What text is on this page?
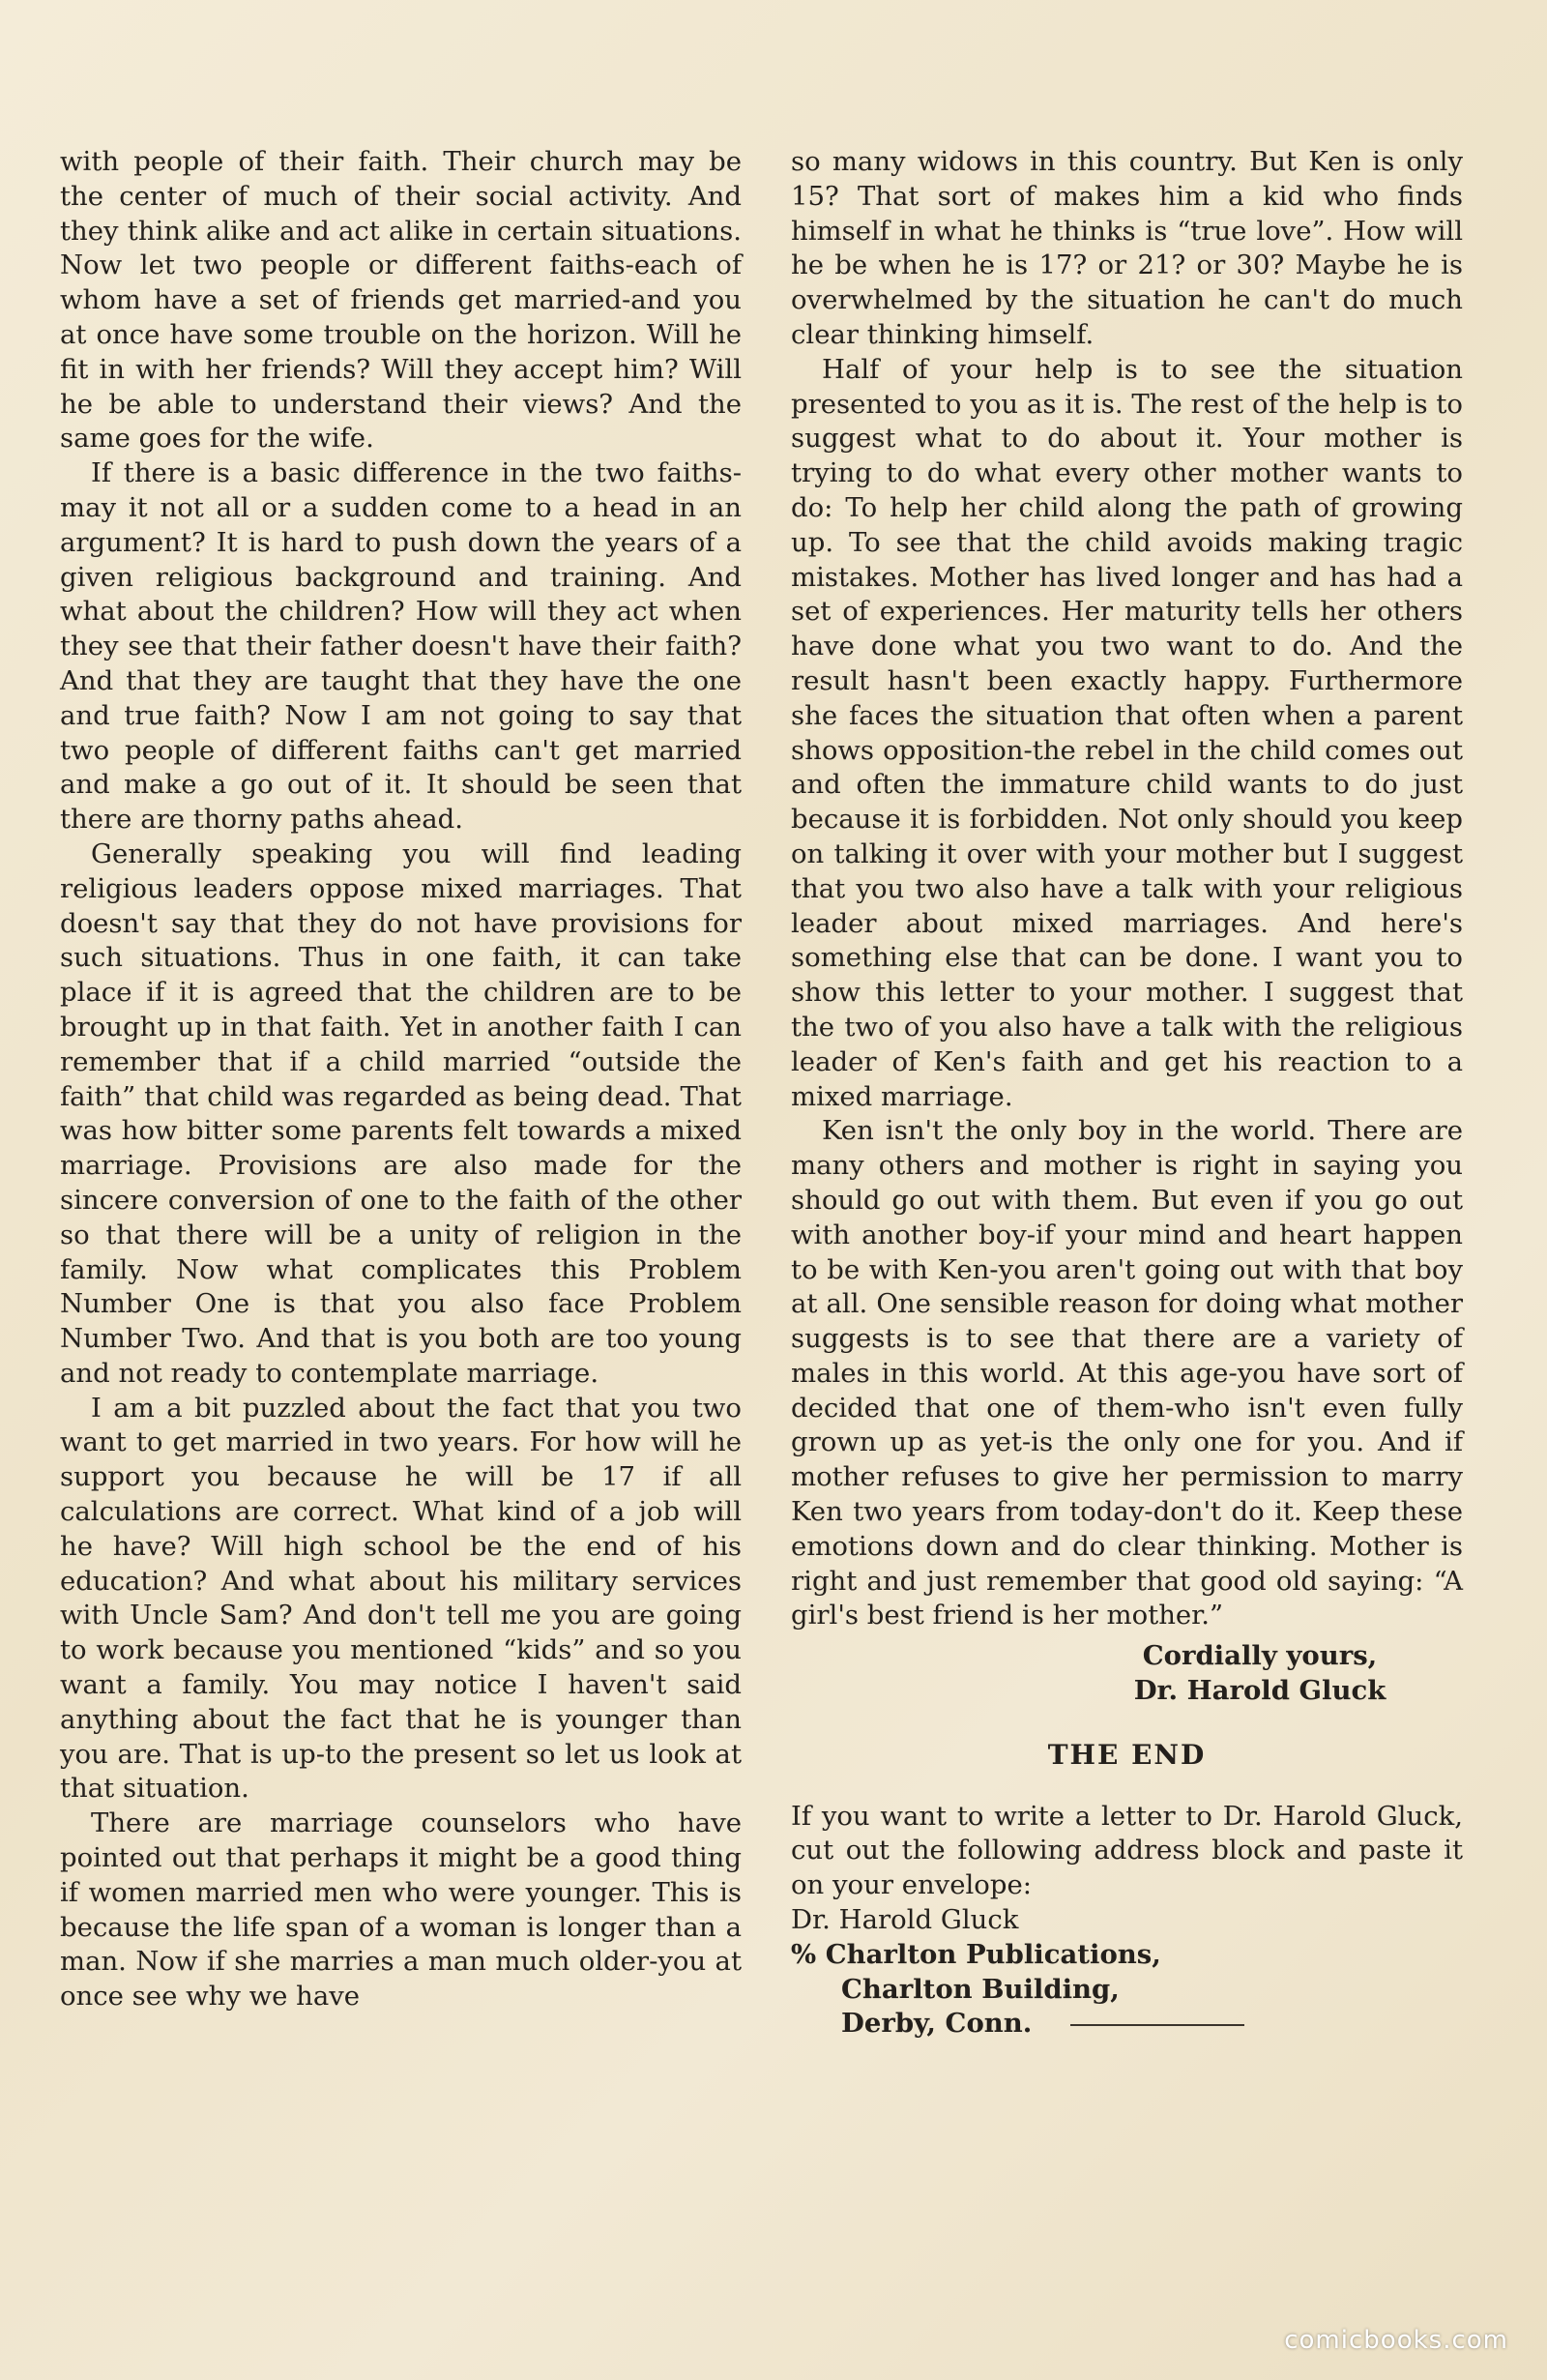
with people of their faith. Their church may be the center of much of their social activity. And they think alike and act alike in certain situations. Now let two people or different faiths-each of whom have a set of friends get married-and you at once have some trouble on the horizon. Will he fit in with her friends? Will they accept him? Will he be able to understand their views? And the same goes for the wife.

If there is a basic difference in the two faiths-may it not all or a sudden come to a head in an argument? It is hard to push down the years of a given religious background and training. And what about the children? How will they act when they see that their father doesn't have their faith? And that they are taught that they have the one and true faith? Now I am not going to say that two people of different faiths can't get married and make a go out of it. It should be seen that there are thorny paths ahead.

Generally speaking you will find leading religious leaders oppose mixed marriages. That doesn't say that they do not have provisions for such situations. Thus in one faith, it can take place if it is agreed that the children are to be brought up in that faith. Yet in another faith I can remember that if a child married “outside the faith” that child was regarded as being dead. That was how bitter some parents felt towards a mixed marriage. Provisions are also made for the sincere conversion of one to the faith of the other so that there will be a unity of religion in the family. Now what complicates this Problem Number One is that you also face Problem Number Two. And that is you both are too young and not ready to contemplate marriage.

I am a bit puzzled about the fact that you two want to get married in two years. For how will he support you because he will be 17 if all calculations are correct. What kind of a job will he have? Will high school be the end of his education? And what about his military services with Uncle Sam? And don't tell me you are going to work because you mentioned “kids” and so you want a family. You may notice I haven't said anything about the fact that he is younger than you are. That is up-to the present so let us look at that situation.

There are marriage counselors who have pointed out that perhaps it might be a good thing if women married men who were younger. This is because the life span of a woman is longer than a man. Now if she marries a man much older-you at once see why we have

so many widows in this country. But Ken is only 15? That sort of makes him a kid who finds himself in what he thinks is “true love”. How will he be when he is 17? or 21? or 30? Maybe he is overwhelmed by the situation he can't do much clear thinking himself.

Half of your help is to see the situation presented to you as it is. The rest of the help is to suggest what to do about it. Your mother is trying to do what every other mother wants to do: To help her child along the path of growing up. To see that the child avoids making tragic mistakes. Mother has lived longer and has had a set of experiences. Her maturity tells her others have done what you two want to do. And the result hasn't been exactly happy. Furthermore she faces the situation that often when a parent shows opposition-the rebel in the child comes out and often the immature child wants to do just because it is forbidden. Not only should you keep on talking it over with your mother but I suggest that you two also have a talk with your religious leader about mixed marriages. And here's something else that can be done. I want you to show this letter to your mother. I suggest that the two of you also have a talk with the religious leader of Ken's faith and get his reaction to a mixed marriage.

Ken isn't the only boy in the world. There are many others and mother is right in saying you should go out with them. But even if you go out with another boy-if your mind and heart happen to be with Ken-you aren't going out with that boy at all. One sensible reason for doing what mother suggests is to see that there are a variety of males in this world. At this age-you have sort of decided that one of them-who isn't even fully grown up as yet-is the only one for you. And if mother refuses to give her permission to marry Ken two years from today-don't do it. Keep these emotions down and do clear thinking. Mother is right and just remember that good old saying: “A girl's best friend is her mother.”

Cordially yours,
Dr. Harold Gluck
THE END

If you want to write a letter to Dr. Harold Gluck, cut out the following address block and paste it on your envelope:

Dr. Harold Gluck
% Charlton Publications,
Charlton Building,
Derby, Conn.
comicbooks.com
